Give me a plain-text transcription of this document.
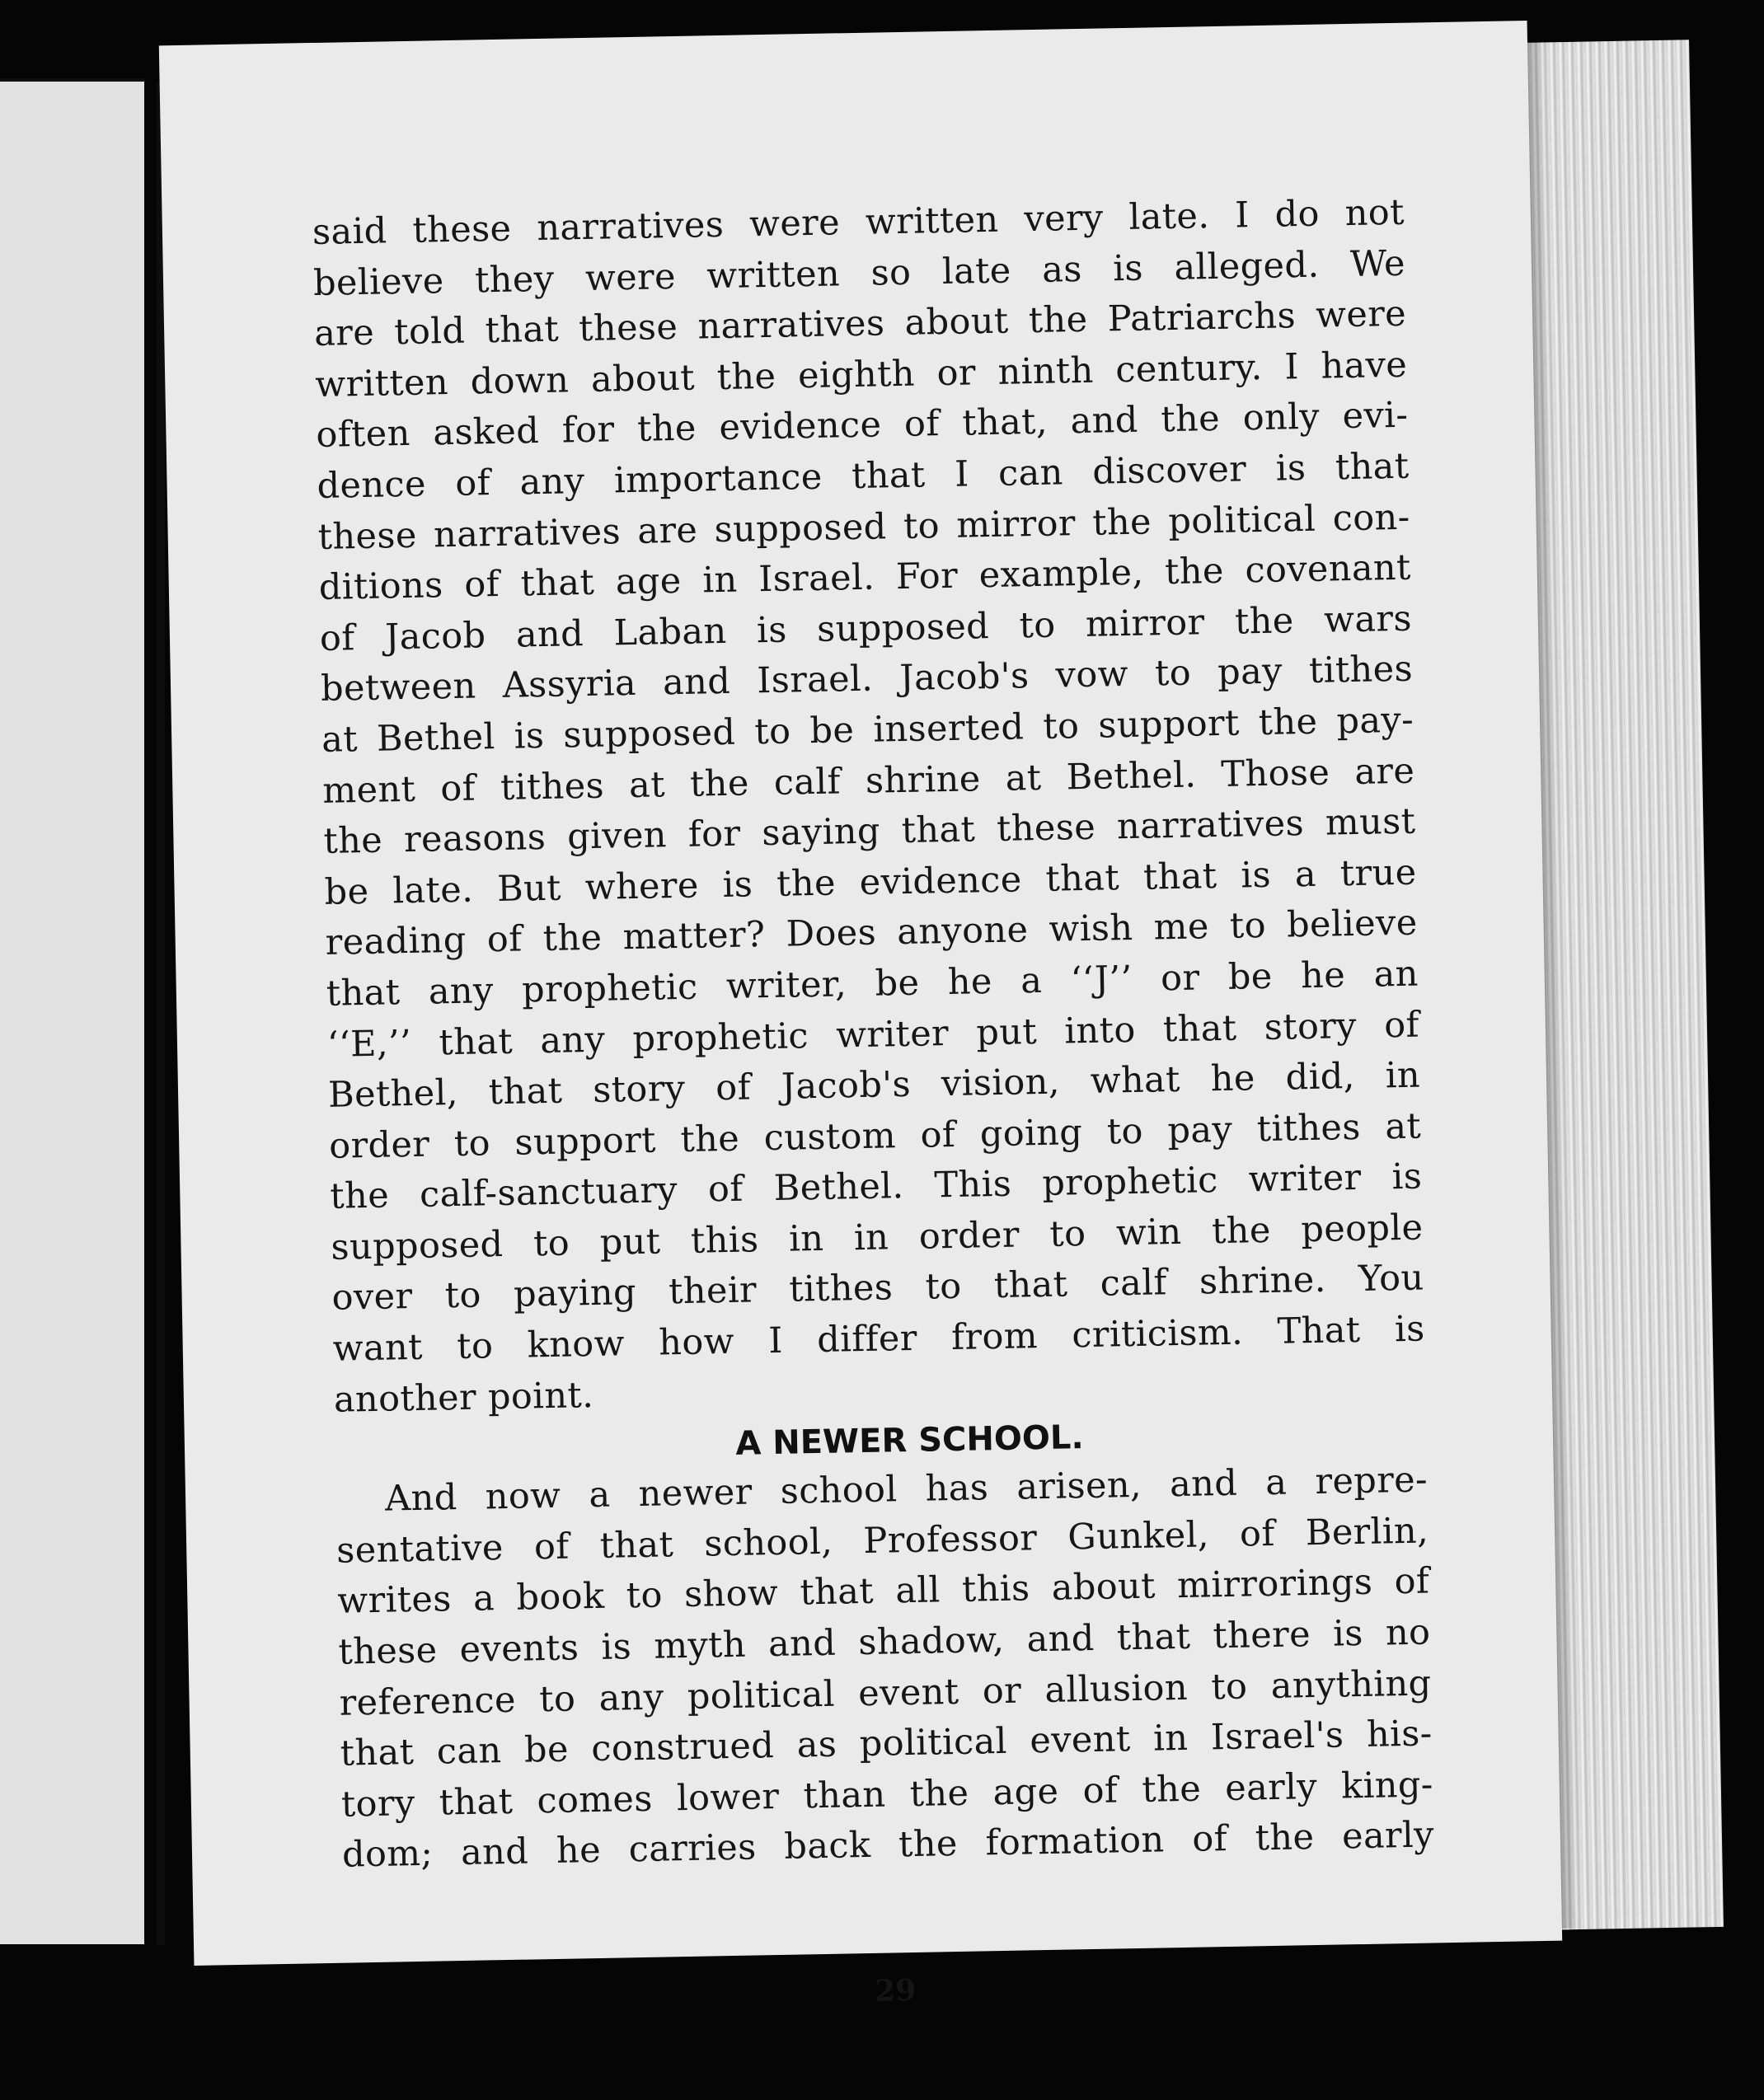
said these narratives were written very late. I do not
believe they were written so late as is alleged. We
are told that these narratives about the Patriarchs were
written down about the eighth or ninth century. I have
often asked for the evidence of that, and the only evi-
dence of any importance that I can discover is that
these narratives are supposed to mirror the political con-
ditions of that age in Israel. For example, the covenant
of Jacob and Laban is supposed to mirror the wars
between Assyria and Israel. Jacob's vow to pay tithes
at Bethel is supposed to be inserted to support the pay-
ment of tithes at the calf shrine at Bethel. Those are
the reasons given for saying that these narratives must
be late. But where is the evidence that that is a true
reading of the matter? Does anyone wish me to believe
that any prophetic writer, be he a ‘‘J’’ or be he an
‘‘E,’’ that any prophetic writer put into that story of
Bethel, that story of Jacob's vision, what he did, in
order to support the custom of going to pay tithes at
the calf-sanctuary of Bethel. This prophetic writer is
supposed to put this in in order to win the people
over to paying their tithes to that calf shrine. You
want to know how I differ from criticism. That is
another point.
A NEWER SCHOOL.
And now a newer school has arisen, and a repre-
sentative of that school, Professor Gunkel, of Berlin,
writes a book to show that all this about mirrorings of
these events is myth and shadow, and that there is no
reference to any political event or allusion to anything
that can be construed as political event in Israel's his-
tory that comes lower than the age of the early king-
dom; and he carries back the formation of the early
29
